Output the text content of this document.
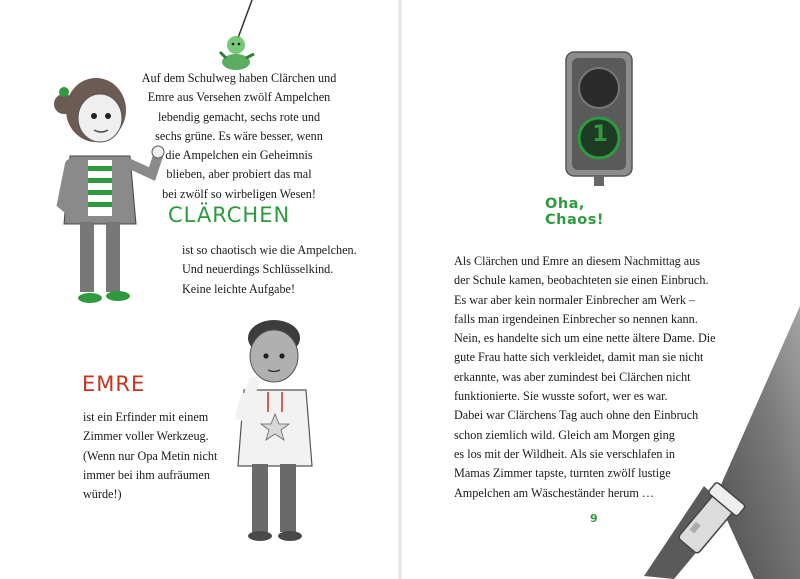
Auf dem Schulweg haben Clärchen und
Emre aus Versehen zwölf Ampelchen
lebendig gemacht, sechs rote und
sechs grüne. Es wäre besser, wenn
die Ampelchen ein Geheimnis
blieben, aber probiert das mal
bei zwölf so wirbeligen Wesen!

CLÄRCHEN

ist so chaotisch wie die Ampelchen.
Und neuerdings Schlüsselkind.
Keine leichte Aufgabe!

EMRE

ist ein Erfinder mit einem
Zimmer voller Werkzeug.
(Wenn nur Opa Metin nicht
immer bei ihm aufräumen
würde!)

1
Oha, Chaos!

Als Clärchen und Emre an diesem Nachmittag aus
der Schule kamen, beobachteten sie einen Einbruch.
Es war aber kein normaler Einbrecher am Werk –
falls man irgendeinen Einbrecher so nennen kann.
Nein, es handelte sich um eine nette ältere Dame. Die
gute Frau hatte sich verkleidet, damit man sie nicht
erkannte, was aber zumindest bei Clärchen nicht
funktionierte. Sie wusste sofort, wer es war.
Dabei war Clärchens Tag auch ohne den Einbruch
schon ziemlich wild. Gleich am Morgen ging
es los mit der Wildheit. Als sie verschlafen in
Mamas Zimmer tapste, turnten zwölf lustige
Ampelchen am Wäscheständer herum …

9
